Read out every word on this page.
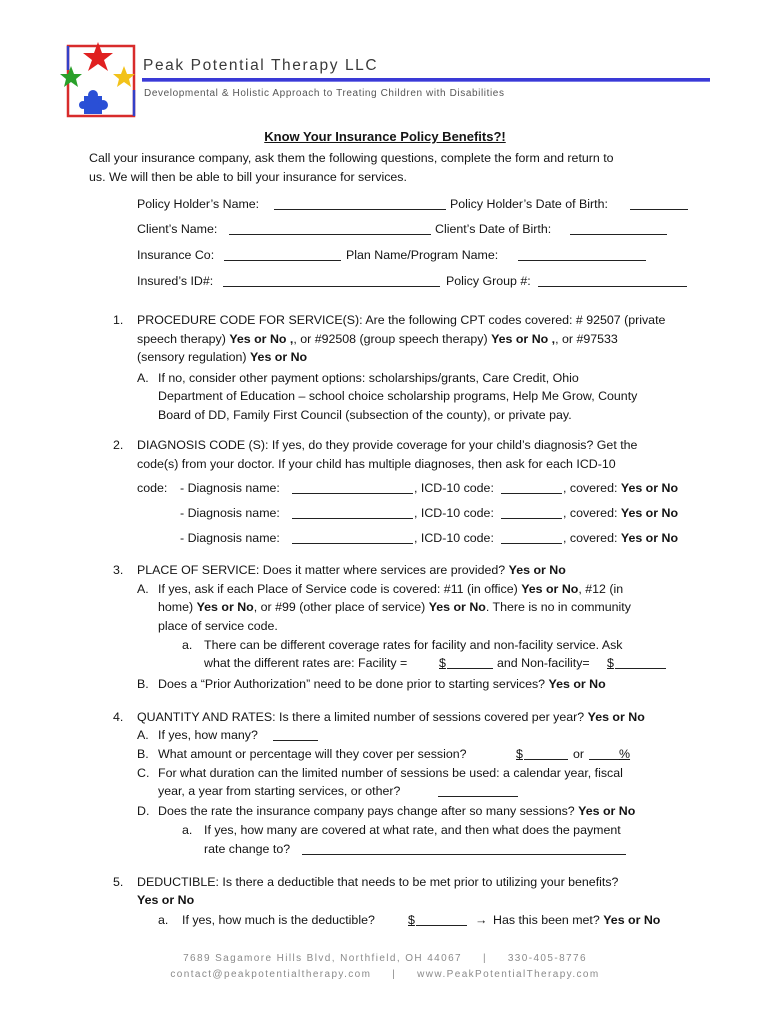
Peak Potential Therapy LLC
Developmental & Holistic Approach to Treating Children with Disabilities
Know Your Insurance Policy Benefits?!
Call your insurance company, ask them the following questions, complete the form and return to
us. We will then be able to bill your insurance for services.
Policy Holder’s Name:	Policy Holder’s Date of Birth:
Client’s Name:	Client’s Date of Birth:
Insurance Co:	Plan Name/Program Name:
Insured’s ID#:	Policy Group #:
1. PROCEDURE CODE FOR SERVICE(S): Are the following CPT codes covered: # 92507 (private
speech therapy) Yes or No ,, or #92508 (group speech therapy) Yes or No ,, or #97533
(sensory regulation) Yes or No
A. If no, consider other payment options: scholarships/grants, Care Credit, Ohio
Department of Education – school choice scholarship programs, Help Me Grow, County
Board of DD, Family First Council (subsection of the county), or private pay.
2. DIAGNOSIS CODE (S): If yes, do they provide coverage for your child’s diagnosis? Get the
code(s) from your doctor. If your child has multiple diagnoses, then ask for each ICD-10
code: - Diagnosis name:	, ICD-10 code:	, covered: Yes or No
- Diagnosis name:	, ICD-10 code:	, covered: Yes or No
- Diagnosis name:	, ICD-10 code:	, covered: Yes or No
3. PLACE OF SERVICE: Does it matter where services are provided? Yes or No
A. If yes, ask if each Place of Service code is covered: #11 (in office) Yes or No, #12 (in
home) Yes or No, or #99 (other place of service) Yes or No. There is no in community
place of service code.
a. There can be different coverage rates for facility and non-facility service. Ask
what the different rates are: Facility =	$	and Non-facility= $
B. Does a “Prior Authorization” need to be done prior to starting services? Yes or No
4. QUANTITY AND RATES: Is there a limited number of sessions covered per year? Yes or No
A. If yes, how many?
B. What amount or percentage will they cover per session?	$	or	%
C. For what duration can the limited number of sessions be used: a calendar year, fiscal
year, a year from starting services, or other?
D. Does the rate the insurance company pays change after so many sessions? Yes or No
a. If yes, how many are covered at what rate, and then what does the payment
rate change to?
5. DEDUCTIBLE: Is there a deductible that needs to be met prior to utilizing your benefits?
Yes or No
a. If yes, how much is the deductible?	$	→ Has this been met? Yes or No
7689 Sagamore Hills Blvd, Northfield, OH 44067 | 330-405-8776
contact@peakpotentialtherapy.com | www.PeakPotentialTherapy.com
